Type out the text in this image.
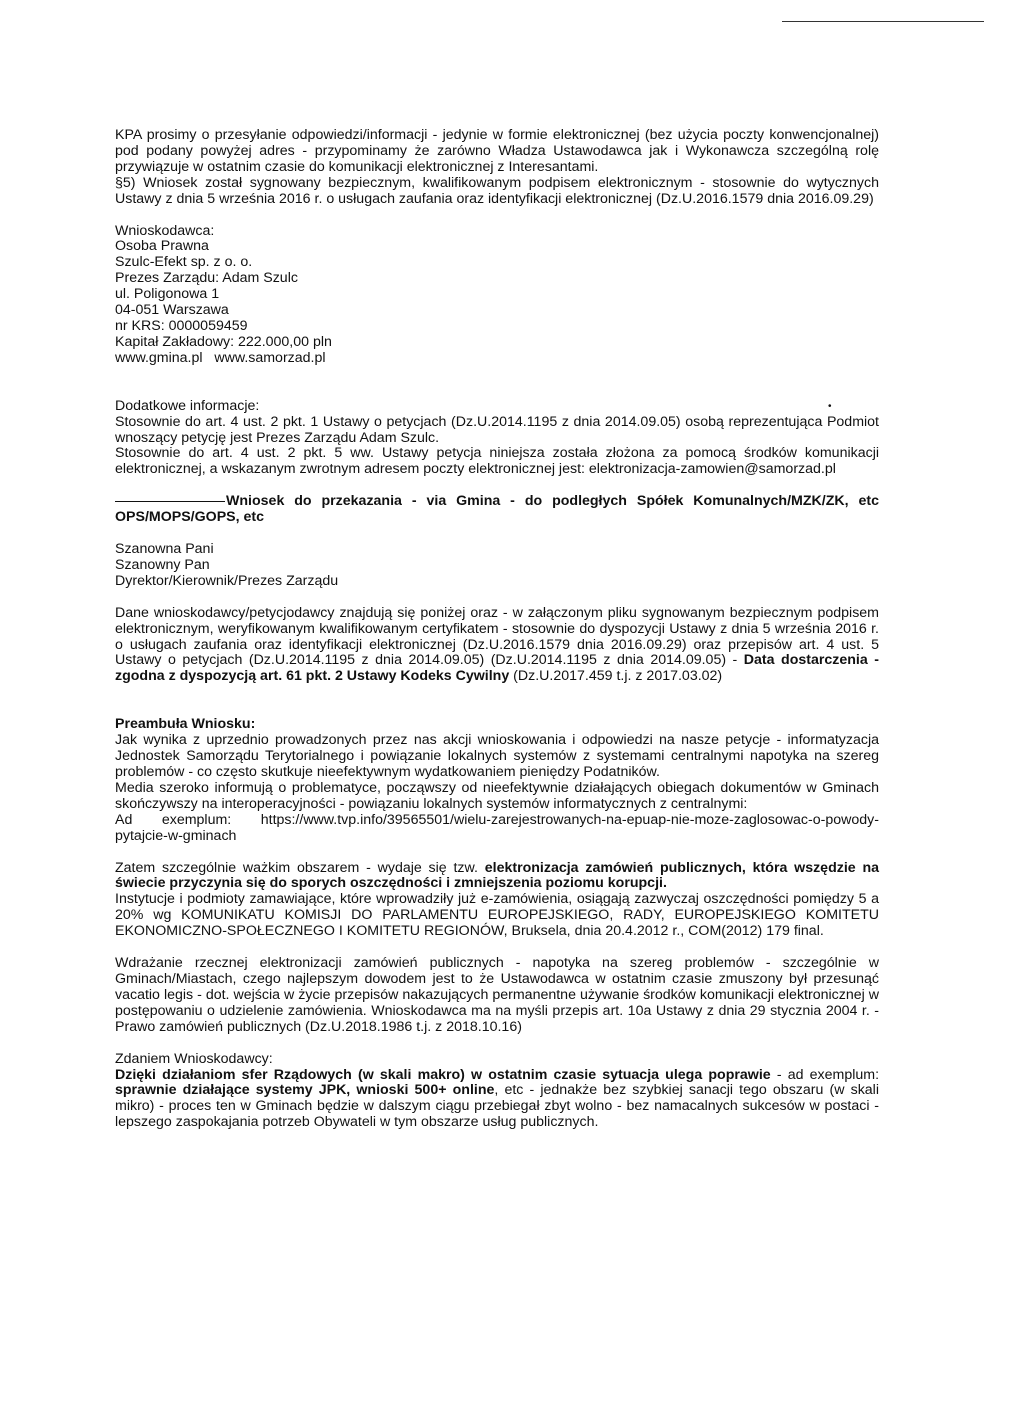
KPA prosimy o przesyłanie odpowiedzi/informacji - jedynie w formie elektronicznej (bez użycia poczty konwencjonalnej) pod podany powyżej adres - przypominamy że zarówno Władza Ustawodawca jak i Wykonawcza szczególną rolę przywiązuje w ostatnim czasie do komunikacji elektronicznej z Interesantami.

§5) Wniosek został sygnowany bezpiecznym, kwalifikowanym podpisem elektronicznym - stosownie do wytycznych Ustawy z dnia 5 września 2016 r. o usługach zaufania oraz identyfikacji elektronicznej (Dz.U.2016.1579 dnia 2016.09.29)

Wnioskodawca:
Osoba Prawna
Szulc-Efekt sp. z o. o.
Prezes Zarządu: Adam Szulc
ul. Poligonowa 1
04-051 Warszawa
nr KRS: 0000059459
Kapitał Zakładowy: 222.000,00 pln
www.gmina.pl www.samorzad.pl
Dodatkowe informacje:	•

Stosownie do art. 4 ust. 2 pkt. 1 Ustawy o petycjach (Dz.U.2014.1195 z dnia 2014.09.05) osobą reprezentująca Podmiot wnoszący petycję jest Prezes Zarządu Adam Szulc.

Stosownie do art. 4 ust. 2 pkt. 5 ww. Ustawy petycja niniejsza została złożona za pomocą środków komunikacji elektronicznej, a wskazanym zwrotnym adresem poczty elektronicznej jest: elektronizacja-zamowien@samorzad.pl

Wniosek do przekazania - via Gmina - do podległych Spółek Komunalnych/MZK/ZK, etc OPS/MOPS/GOPS, etc

Szanowna Pani
Szanowny Pan
Dyrektor/Kierownik/Prezes Zarządu

Dane wnioskodawcy/petycjodawcy znajdują się poniżej oraz - w załączonym pliku sygnowanym bezpiecznym podpisem elektronicznym, weryfikowanym kwalifikowanym certyfikatem - stosownie do dyspozycji Ustawy z dnia 5 września 2016 r. o usługach zaufania oraz identyfikacji elektronicznej (Dz.U.2016.1579 dnia 2016.09.29) oraz przepisów art. 4 ust. 5 Ustawy o petycjach (Dz.U.2014.1195 z dnia 2014.09.05) (Dz.U.2014.1195 z dnia 2014.09.05) - Data dostarczenia - zgodna z dyspozycją art. 61 pkt. 2 Ustawy Kodeks Cywilny (Dz.U.2017.459 t.j. z 2017.03.02)

Preambuła Wniosku:

Jak wynika z uprzednio prowadzonych przez nas akcji wnioskowania i odpowiedzi na nasze petycje - informatyzacja Jednostek Samorządu Terytorialnego i powiązanie lokalnych systemów z systemami centralnymi napotyka na szereg problemów - co często skutkuje nieefektywnym wydatkowaniem pieniędzy Podatników.

Media szeroko informują o problematyce, począwszy od nieefektywnie działających obiegach dokumentów w Gminach skończywszy na interoperacyjności - powiązaniu lokalnych systemów informatycznych z centralnymi:

Ad exemplum: https://www.tvp.info/39565501/wielu-zarejestrowanych-na-epuap-nie-moze-zaglosowac-o-powody-pytajcie-w-gminach

Zatem szczególnie ważkim obszarem - wydaje się tzw. elektronizacja zamówień publicznych, która wszędzie na świecie przyczynia się do sporych oszczędności i zmniejszenia poziomu korupcji.

Instytucje i podmioty zamawiające, które wprowadziły już e-zamówienia, osiągają zazwyczaj oszczędności pomiędzy 5 a 20% wg KOMUNIKATU KOMISJI DO PARLAMENTU EUROPEJSKIEGO, RADY, EUROPEJSKIEGO KOMITETU EKONOMICZNO-SPOŁECZNEGO I KOMITETU REGIONÓW, Bruksela, dnia 20.4.2012 r., COM(2012) 179 final.

Wdrażanie rzecznej elektronizacji zamówień publicznych - napotyka na szereg problemów - szczególnie w Gminach/Miastach, czego najlepszym dowodem jest to że Ustawodawca w ostatnim czasie zmuszony był przesunąć vacatio legis - dot. wejścia w życie przepisów nakazujących permanentne używanie środków komunikacji elektronicznej w postępowaniu o udzielenie zamówienia. Wnioskodawca ma na myśli przepis art. 10a Ustawy z dnia 29 stycznia 2004 r. - Prawo zamówień publicznych (Dz.U.2018.1986 t.j. z 2018.10.16)

Zdaniem Wnioskodawcy:

Dzięki działaniom sfer Rządowych (w skali makro) w ostatnim czasie sytuacja ulega poprawie - ad exemplum: sprawnie działające systemy JPK, wnioski 500+ online, etc - jednakże bez szybkiej sanacji tego obszaru (w skali mikro) - proces ten w Gminach będzie w dalszym ciągu przebiegał zbyt wolno - bez namacalnych sukcesów w postaci - lepszego zaspokajania potrzeb Obywateli w tym obszarze usług publicznych.
